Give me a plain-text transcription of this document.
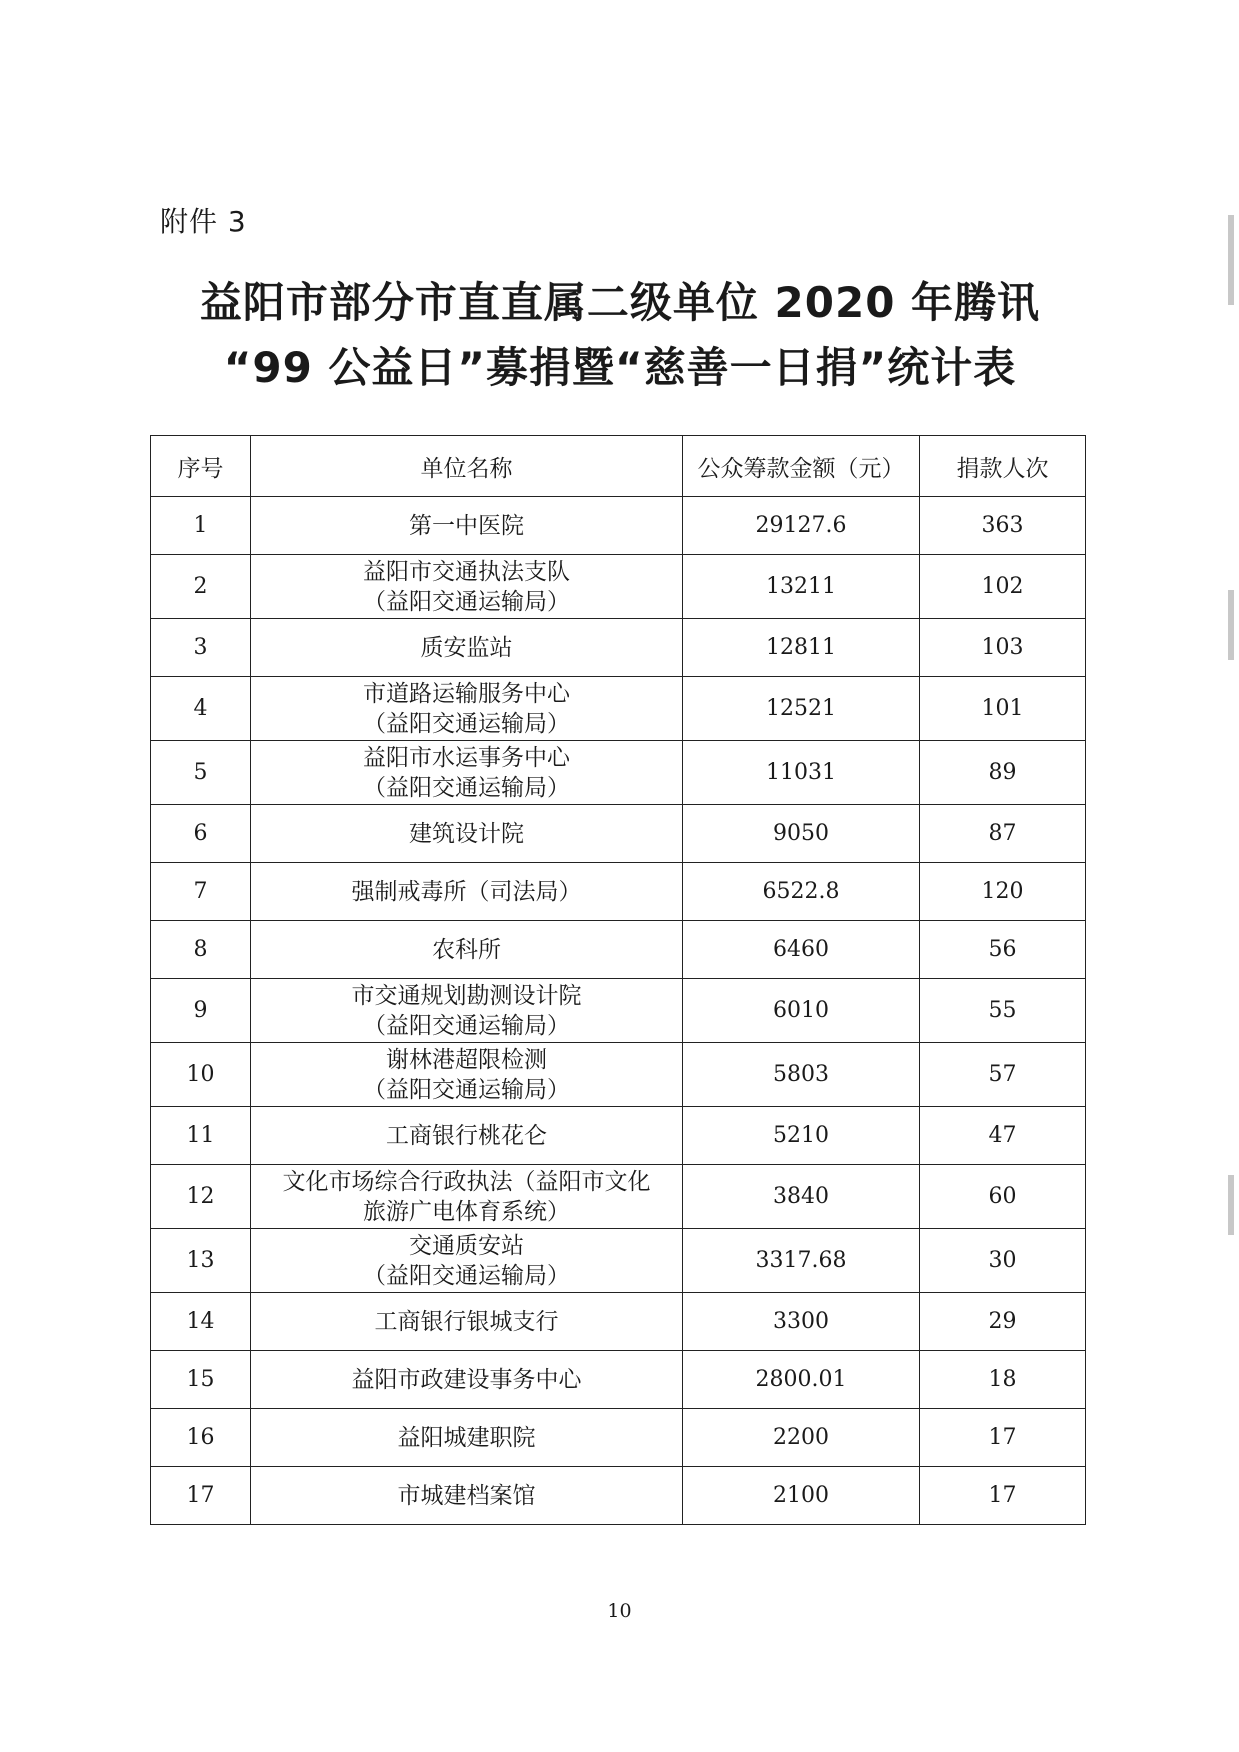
附件 3
益阳市部分市直直属二级单位 2020 年腾讯
“99 公益日”募捐暨“慈善一日捐”统计表
序号	单位名称	公众筹款金额（元）	捐款人次
1	第一中医院	29127.6	363
2	益阳市交通执法支队
（益阳交通运输局）	13211	102
3	质安监站	12811	103
4	市道路运输服务中心
（益阳交通运输局）	12521	101
5	益阳市水运事务中心
（益阳交通运输局）	11031	89
6	建筑设计院	9050	87
7	强制戒毒所（司法局）	6522.8	120
8	农科所	6460	56
9	市交通规划勘测设计院
（益阳交通运输局）	6010	55
10	谢林港超限检测
（益阳交通运输局）	5803	57
11	工商银行桃花仑	5210	47
12	文化市场综合行政执法（益阳市文化
旅游广电体育系统）	3840	60
13	交通质安站
（益阳交通运输局）	3317.68	30
14	工商银行银城支行	3300	29
15	益阳市政建设事务中心	2800.01	18
16	益阳城建职院	2200	17
17	市城建档案馆	2100	17
10
